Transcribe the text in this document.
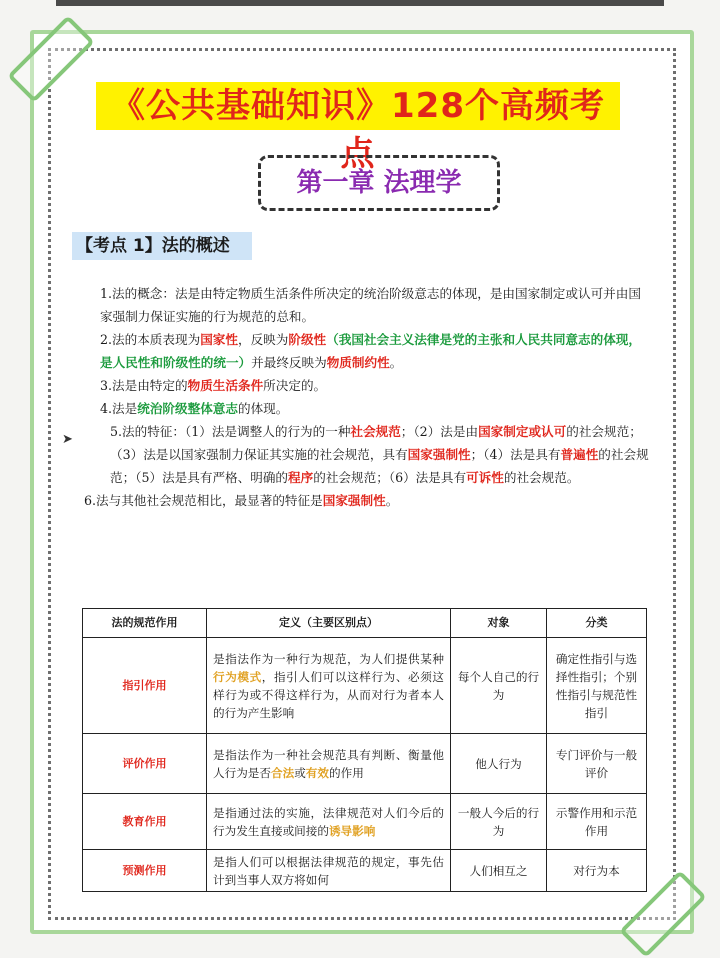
《公共基础知识》128个高频考点
第一章 法理学
【考点 1】法的概述
➤

1.法的概念：法是由特定物质生活条件所决定的统治阶级意志的体现，是由国家制定或认可并由国家强制力保证实施的行为规范的总和。

2.法的本质表现为国家性，反映为阶级性（我国社会主义法律是党的主张和人民共同意志的体现，是人民性和阶级性的统一）并最终反映为物质制约性。

3.法是由特定的物质生活条件所决定的。

4.法是统治阶级整体意志的体现。

5.法的特征：（1）法是调整人的行为的一种社会规范；（2）法是由国家制定或认可的社会规范；（3）法是以国家强制力保证其实施的社会规范，具有国家强制性；（4）法是具有普遍性的社会规范；（5）法是具有严格、明确的程序的社会规范；（6）法是具有可诉性的社会规范。

6.法与其他社会规范相比，最显著的特征是国家强制性。

法的规范作用	定义（主要区别点）	对象	分类
指引作用	是指法作为一种行为规范，为人们提供某种行为模式，指引人们可以这样行为、必须这样行为或不得这样行为，从而对行为者本人的行为产生影响	每个人自己的行为	确定性指引与选择性指引；个别性指引与规范性指引
评价作用	是指法作为一种社会规范具有判断、衡量他人行为是否合法或有效的作用	他人行为	专门评价与一般评价
教育作用	是指通过法的实施，法律规范对人们今后的行为发生直接或间接的诱导影响	一般人今后的行为	示警作用和示范作用
预测作用	是指人们可以根据法律规范的规定，事先估计到当事人双方将如何	人们相互之	对行为本
